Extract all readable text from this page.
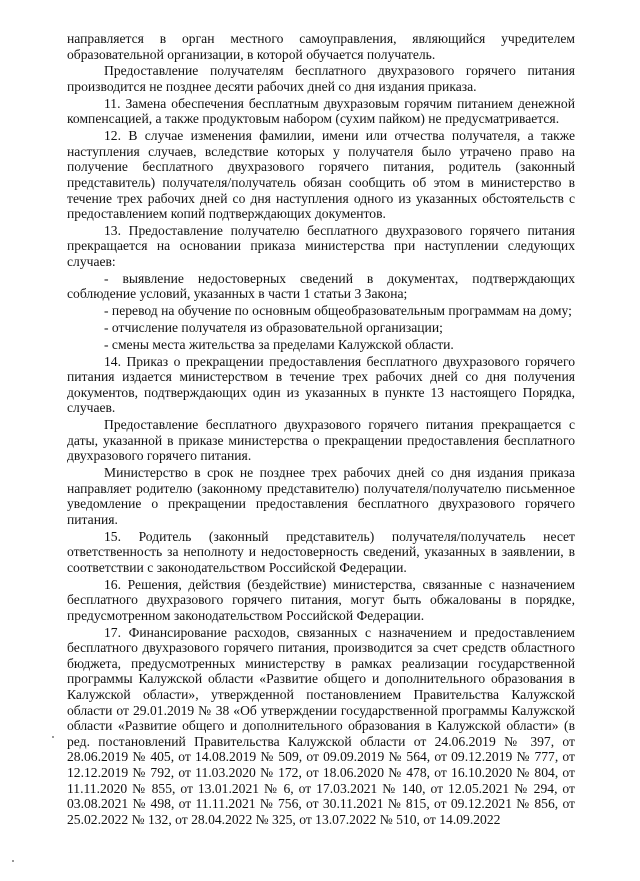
направляется в орган местного самоуправления, являющийся учредителем образовательной организации, в которой обучается получатель.

Предоставление получателям бесплатного двухразового горячего питания производится не позднее десяти рабочих дней со дня издания приказа.

11. Замена обеспечения бесплатным двухразовым горячим питанием денежной компенсацией, а также продуктовым набором (сухим пайком) не предусматривается.

12. В случае изменения фамилии, имени или отчества получателя, а также наступления случаев, вследствие которых у получателя было утрачено право на получение бесплатного двухразового горячего питания, родитель (законный представитель) получателя/получатель обязан сообщить об этом в министерство в течение трех рабочих дней со дня наступления одного из указанных обстоятельств с предоставлением копий подтверждающих документов.

13. Предоставление получателю бесплатного двухразового горячего питания прекращается на основании приказа министерства при наступлении следующих случаев:

- выявление недостоверных сведений в документах, подтверждающих соблюдение условий, указанных в части 1 статьи 3 Закона;

- перевод на обучение по основным общеобразовательным программам на дому;

- отчисление получателя из образовательной организации;

- смены места жительства за пределами Калужской области.

14. Приказ о прекращении предоставления бесплатного двухразового горячего питания издается министерством в течение трех рабочих дней со дня получения документов, подтверждающих один из указанных в пункте 13 настоящего Порядка, случаев.

Предоставление бесплатного двухразового горячего питания прекращается с даты, указанной в приказе министерства о прекращении предоставления бесплатного двухразового горячего питания.

Министерство в срок не позднее трех рабочих дней со дня издания приказа направляет родителю (законному представителю) получателя/получателю письменное уведомление о прекращении предоставления бесплатного двухразового горячего питания.

15. Родитель (законный представитель) получателя/получатель несет ответственность за неполноту и недостоверность сведений, указанных в заявлении, в соответствии с законодательством Российской Федерации.

16. Решения, действия (бездействие) министерства, связанные с назначением бесплатного двухразового горячего питания, могут быть обжалованы в порядке, предусмотренном законодательством Российской Федерации.

17. Финансирование расходов, связанных с назначением и предоставлением бесплатного двухразового горячего питания, производится за счет средств областного бюджета, предусмотренных министерству в рамках реализации государственной программы Калужской области «Развитие общего и дополнительного образования в Калужской области», утвержденной постановлением Правительства Калужской области от 29.01.2019 № 38 «Об утверждении государственной программы Калужской области «Развитие общего и дополнительного образования в Калужской области» (в ред. постановлений Правительства Калужской области от 24.06.2019 № 397, от 28.06.2019 № 405, от 14.08.2019 № 509, от 09.09.2019 № 564, от 09.12.2019 № 777, от 12.12.2019 № 792, от 11.03.2020 № 172, от 18.06.2020 № 478, от 16.10.2020 № 804, от 11.11.2020 № 855, от 13.01.2021 № 6, от 17.03.2021 № 140, от 12.05.2021 № 294, от 03.08.2021 № 498, от 11.11.2021 № 756, от 30.11.2021 № 815, от 09.12.2021 № 856, от 25.02.2022 № 132, от 28.04.2022 № 325, от 13.07.2022 № 510, от 14.09.2022
